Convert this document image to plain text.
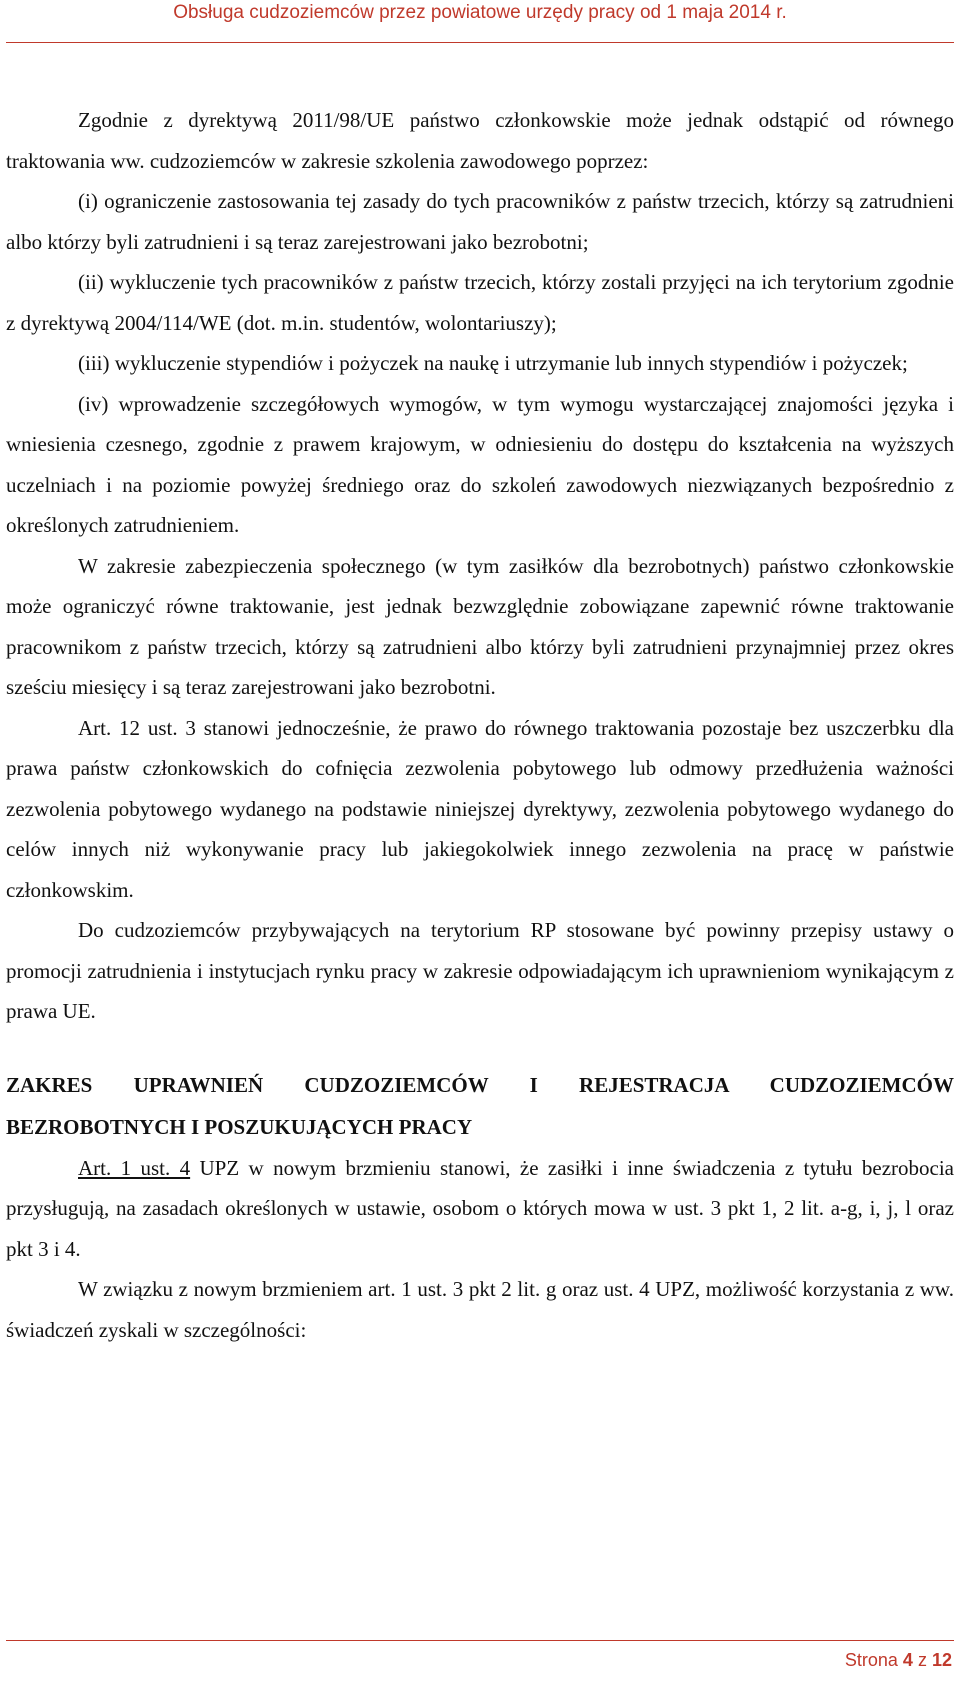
Obsługa cudzoziemców przez powiatowe urzędy pracy od 1 maja 2014 r.

Zgodnie z dyrektywą 2011/98/UE państwo członkowskie może jednak odstąpić od równego traktowania ww. cudzoziemców w zakresie szkolenia zawodowego poprzez:

(i) ograniczenie zastosowania tej zasady do tych pracowników z państw trzecich, którzy są zatrudnieni albo którzy byli zatrudnieni i są teraz zarejestrowani jako bezrobotni;

(ii) wykluczenie tych pracowników z państw trzecich, którzy zostali przyjęci na ich terytorium zgodnie z dyrektywą 2004/114/WE (dot. m.in. studentów, wolontariuszy);

(iii) wykluczenie stypendiów i pożyczek na naukę i utrzymanie lub innych stypendiów i pożyczek;

(iv) wprowadzenie szczegółowych wymogów, w tym wymogu wystarczającej znajomości języka i wniesienia czesnego, zgodnie z prawem krajowym, w odniesieniu do dostępu do kształcenia na wyższych uczelniach i na poziomie powyżej średniego oraz do szkoleń zawodowych niezwiązanych bezpośrednio z określonych zatrudnieniem.

W zakresie zabezpieczenia społecznego (w tym zasiłków dla bezrobotnych) państwo członkowskie może ograniczyć równe traktowanie, jest jednak bezwzględnie zobowiązane zapewnić równe traktowanie pracownikom z państw trzecich, którzy są zatrudnieni albo którzy byli zatrudnieni przynajmniej przez okres sześciu miesięcy i są teraz zarejestrowani jako bezrobotni.

Art. 12 ust. 3 stanowi jednocześnie, że prawo do równego traktowania pozostaje bez uszczerbku dla prawa państw członkowskich do cofnięcia zezwolenia pobytowego lub odmowy przedłużenia ważności zezwolenia pobytowego wydanego na podstawie niniejszej dyrektywy, zezwolenia pobytowego wydanego do celów innych niż wykonywanie pracy lub jakiegokolwiek innego zezwolenia na pracę w państwie członkowskim.

Do cudzoziemców przybywających na terytorium RP stosowane być powinny przepisy ustawy o promocji zatrudnienia i instytucjach rynku pracy w zakresie odpowiadającym ich uprawnieniom wynikającym z prawa UE.

ZAKRES UPRAWNIEŃ CUDZOZIEMCÓW I REJESTRACJA CUDZOZIEMCÓW BEZROBOTNYCH I POSZUKUJĄCYCH PRACY

Art. 1 ust. 4 UPZ w nowym brzmieniu stanowi, że zasiłki i inne świadczenia z tytułu bezrobocia przysługują, na zasadach określonych w ustawie, osobom o których mowa w ust. 3 pkt 1, 2 lit. a-g, i, j, l oraz pkt 3 i 4.

W związku z nowym brzmieniem art. 1 ust. 3 pkt 2 lit. g oraz ust. 4 UPZ, możliwość korzystania z ww. świadczeń zyskali w szczególności:

Strona 4 z 12
